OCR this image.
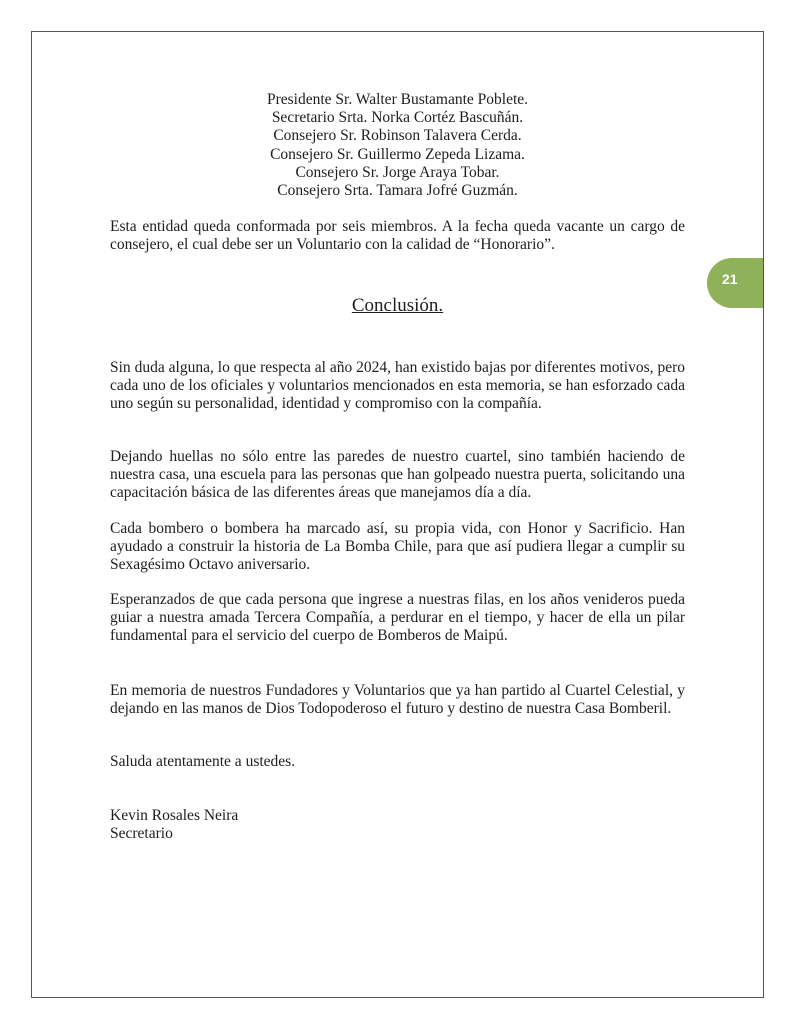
21
Presidente Sr. Walter Bustamante Poblete.
Secretario Srta. Norka Cortéz Bascuñán.
Consejero Sr. Robinson Talavera Cerda.
Consejero Sr. Guillermo Zepeda Lizama.
Consejero Sr. Jorge Araya Tobar.
Consejero Srta. Tamara Jofré Guzmán.
Esta entidad queda conformada por seis miembros. A la fecha queda vacante un cargo de consejero, el cual debe ser un Voluntario con la calidad de “Honorario”.
Conclusión.
Sin duda alguna, lo que respecta al año 2024, han existido bajas por diferentes motivos, pero cada uno de los oficiales y voluntarios mencionados en esta memoria, se han esforzado cada uno según su personalidad, identidad y compromiso con la compañía.
Dejando huellas no sólo entre las paredes de nuestro cuartel, sino también haciendo de nuestra casa, una escuela para las personas que han golpeado nuestra puerta, solicitando una capacitación básica de las diferentes áreas que manejamos día a día.
Cada bombero o bombera ha marcado así, su propia vida, con Honor y Sacrificio. Han ayudado a construir la historia de La Bomba Chile, para que así pudiera llegar a cumplir su Sexagésimo Octavo aniversario.
Esperanzados de que cada persona que ingrese a nuestras filas, en los años venideros pueda guiar a nuestra amada Tercera Compañía, a perdurar en el tiempo, y hacer de ella un pilar fundamental para el servicio del cuerpo de Bomberos de Maipú.
En memoria de nuestros Fundadores y Voluntarios que ya han partido al Cuartel Celestial, y dejando en las manos de Dios Todopoderoso el futuro y destino de nuestra Casa Bomberil.
Saluda atentamente a ustedes.
Kevin Rosales Neira
Secretario
